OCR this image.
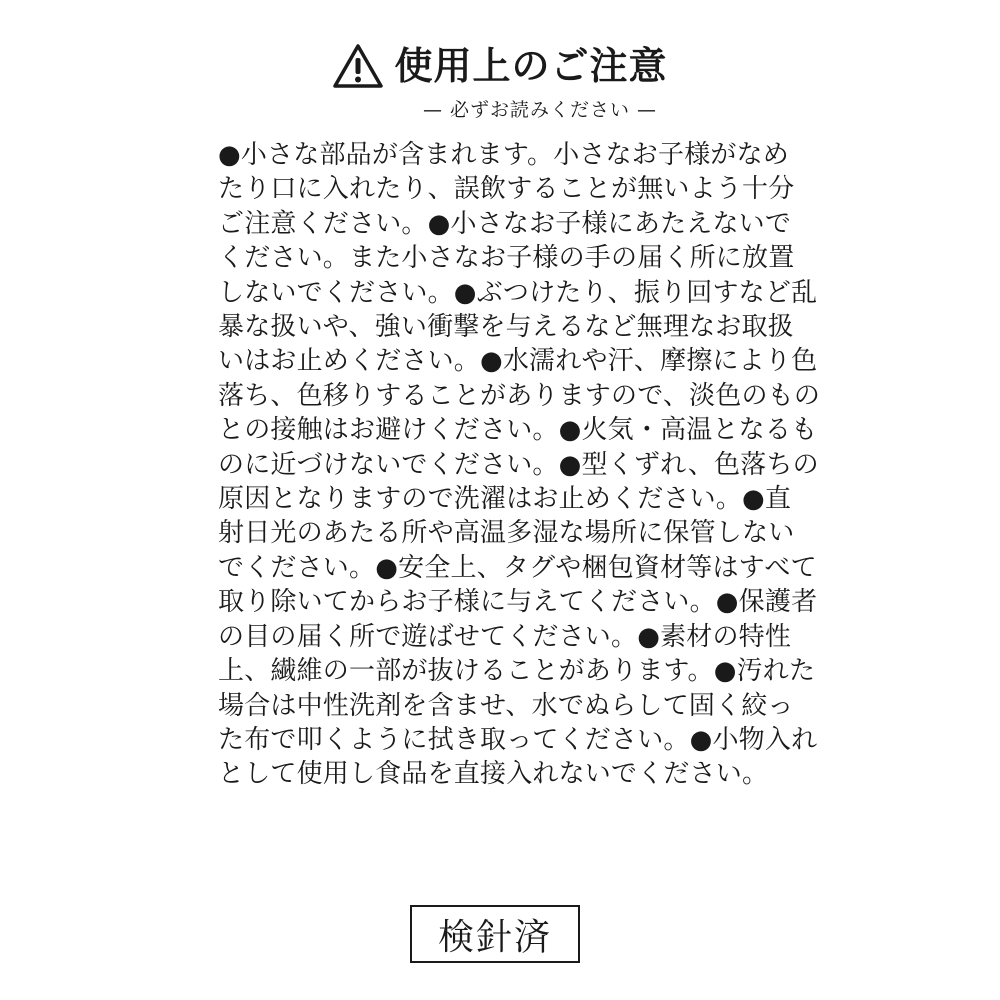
使用上のご注意
— 必ずお読みください —
●小さな部品が含まれます。小さなお子様がなめ
たり口に入れたり、誤飲することが無いよう十分
ご注意ください。●小さなお子様にあたえないで
ください。また小さなお子様の手の届く所に放置
しないでください。●ぶつけたり、振り回すなど乱
暴な扱いや、強い衝撃を与えるなど無理なお取扱
いはお止めください。●水濡れや汗、摩擦により色
落ち、色移りすることがありますので、淡色のもの
との接触はお避けください。●火気・高温となるも
のに近づけないでください。●型くずれ、色落ちの
原因となりますので洗濯はお止めください。●直
射日光のあたる所や高温多湿な場所に保管しない
でください。●安全上、タグや梱包資材等はすべて
取り除いてからお子様に与えてください。●保護者
の目の届く所で遊ばせてください。●素材の特性
上、繊維の一部が抜けることがあります。●汚れた
場合は中性洗剤を含ませ、水でぬらして固く絞っ
た布で叩くように拭き取ってください。●小物入れ
として使用し食品を直接入れないでください。
検針済
